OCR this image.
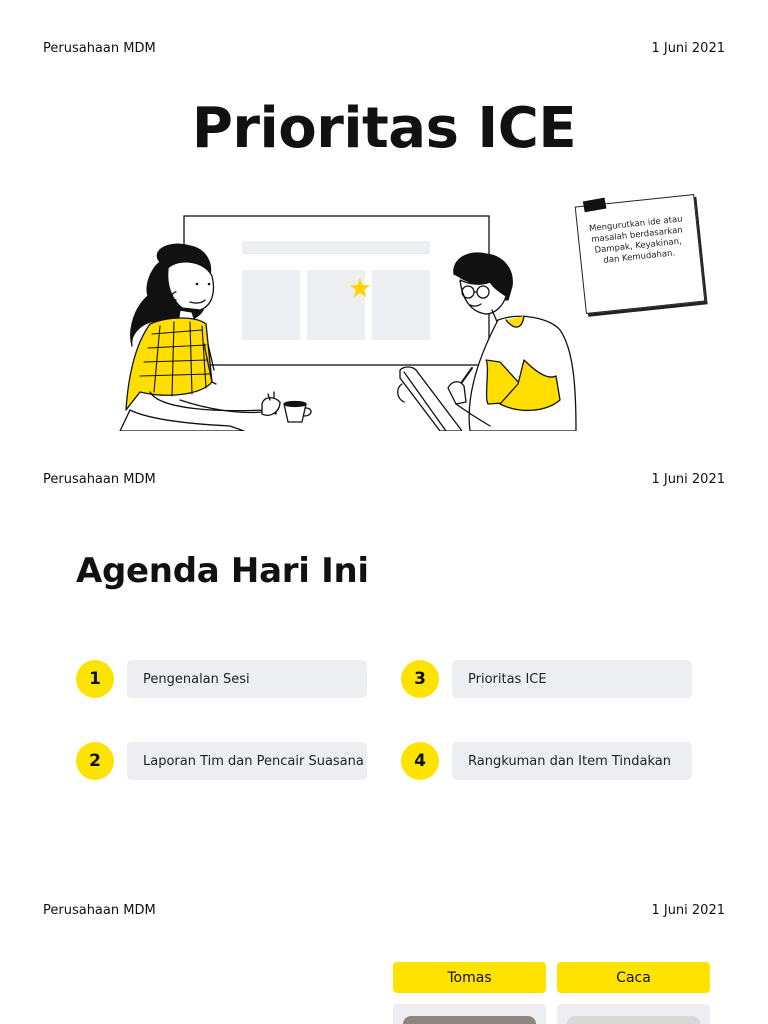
Perusahaan MDM	1 Juni 2021
Prioritas ICE
Mengurutkan ide atau masalah berdasarkan Dampak, Keyakinan, dan Kemudahan.
Perusahaan MDM	1 Juni 2021
Agenda Hari Ini
1	Pengenalan Sesi
2	Laporan Tim dan Pencair Suasana
3	Prioritas ICE
4	Rangkuman dan Item Tindakan
Perusahaan MDM	1 Juni 2021
Tomas	Caca
